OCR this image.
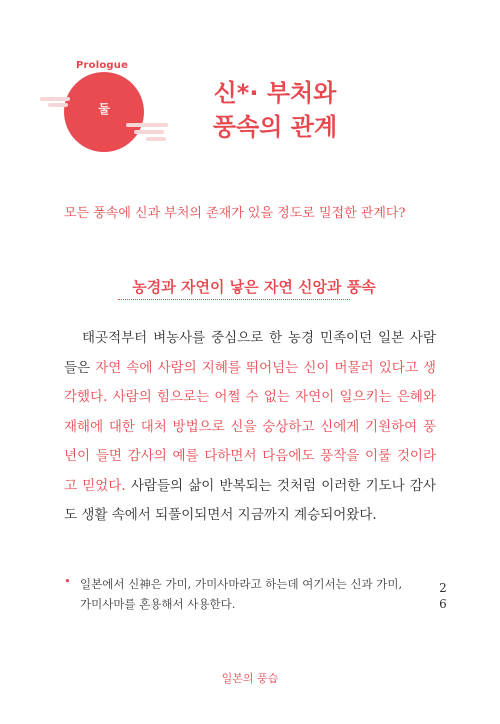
Prologue
둘
신*· 부처와
풍속의 관계
모든 풍속에 신과 부처의 존재가 있을 정도로 밀접한 관계다?
농경과 자연이 낳은 자연 신앙과 풍속
태곳적부터 벼농사를 중심으로 한 농경 민족이던 일본 사람들은 자연 속에 사람의 지혜를 뛰어넘는 신이 머물러 있다고 생각했다. 사람의 힘으로는 어쩔 수 없는 자연이 일으키는 은혜와 재해에 대한 대처 방법으로 신을 숭상하고 신에게 기원하여 풍년이 들면 감사의 예를 다하면서 다음에도 풍작을 이룰 것이라고 믿었다. 사람들의 삶이 반복되는 것처럼 이러한 기도나 감사도 생활 속에서 되풀이되면서 지금까지 계승되어왔다.
• 일본에서 신神은 가미, 가미사마라고 하는데 여기서는 신과 가미, 가미사마를 혼용해서 사용한다.
2
6
일본의 풍습
